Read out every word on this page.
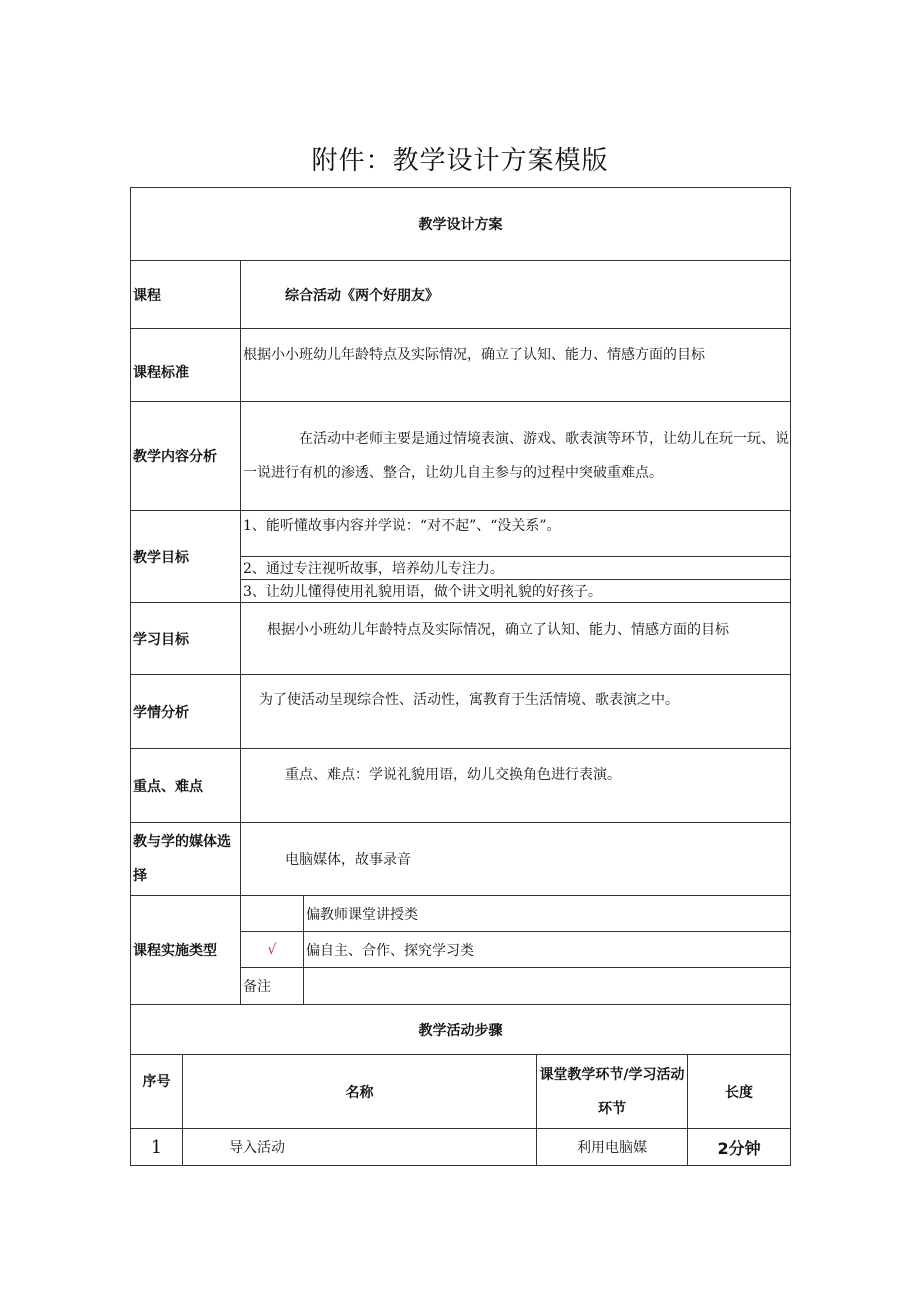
附件：教学设计方案模版
教学设计方案					
课程		综合活动《两个好朋友》			
课程标准		根据小小班幼儿年龄特点及实际情况，确立了认知、能力、情感方面的目标			
教学内容分析		在活动中老师主要是通过情境表演、游戏、歌表演等环节，让幼儿在玩一玩、说一说进行有机的渗透、整合，让幼儿自主参与的过程中突破重难点。			
教学目标		1、能听懂故事内容并学说：“对不起”、“没关系”。			
		2、通过专注视听故事，培养幼儿专注力。			
		3、让幼儿懂得使用礼貌用语，做个讲文明礼貌的好孩子。			
学习目标		根据小小班幼儿年龄特点及实际情况，确立了认知、能力、情感方面的目标			
学情分析		为了使活动呈现综合性、活动性，寓教育于生活情境、歌表演之中。			
重点、难点		重点、难点：学说礼貌用语，幼儿交换角色进行表演。			
教与学的媒体选择		电脑媒体，故事录音			
课程实施类型			偏教师课堂讲授类		
		√	偏自主、合作、探究学习类		
		备注			
教学活动步骤					
序号	名称			课堂教学环节/学习活动环节	长度
1	导入活动			利用电脑媒	2分钟
